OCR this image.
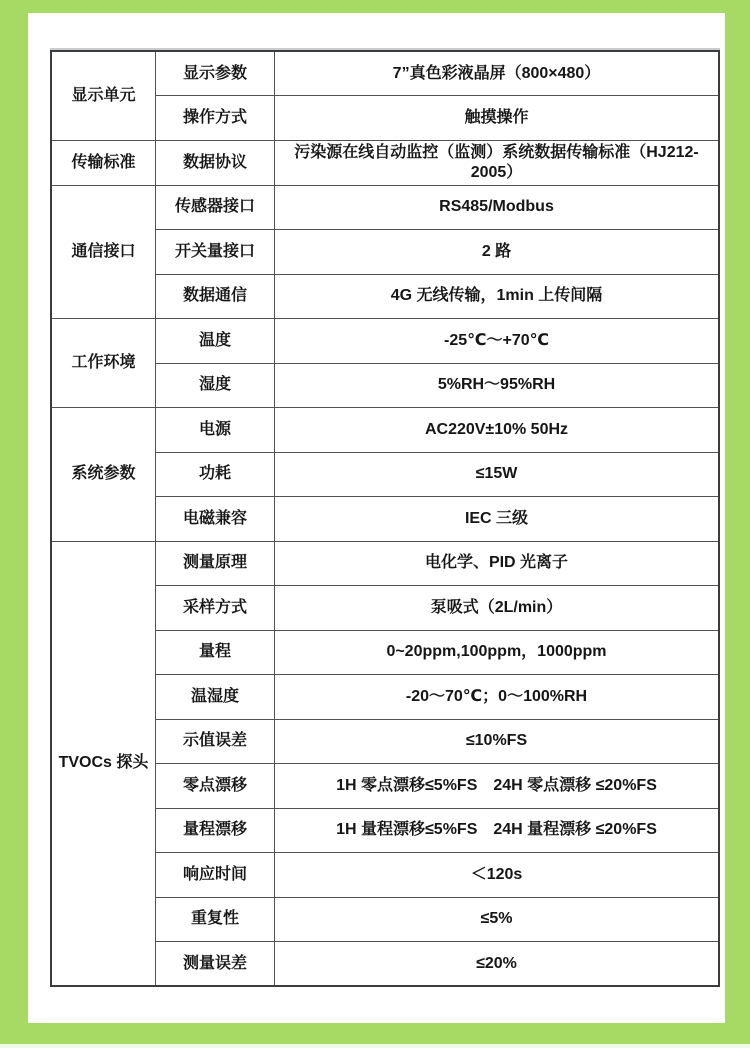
显示单元	显示参数	7”真色彩液晶屏（800×480）
	操作方式	触摸操作
传输标准	数据协议	污染源在线自动监控（监测）系统数据传输标准（HJ212-2005）
通信接口	传感器接口	RS485/Modbus
	开关量接口	2 路
	数据通信	4G 无线传输，1min 上传间隔
工作环境	温度	-25℃～+70℃
	湿度	5%RH～95%RH
系统参数	电源	AC220V±10% 50Hz
	功耗	≤15W
	电磁兼容	IEC 三级
TVOCs 探头	测量原理	电化学、PID 光离子
	采样方式	泵吸式（2L/min）
	量程	0~20ppm,100ppm，1000ppm
	温湿度	-20～70℃；0～100%RH
	示值误差	≤10%FS
	零点漂移	1H 零点漂移≤5%FS　24H 零点漂移 ≤20%FS
	量程漂移	1H 量程漂移≤5%FS　24H 量程漂移 ≤20%FS
	响应时间	＜120s
	重复性	≤5%
	测量误差	≤20%
